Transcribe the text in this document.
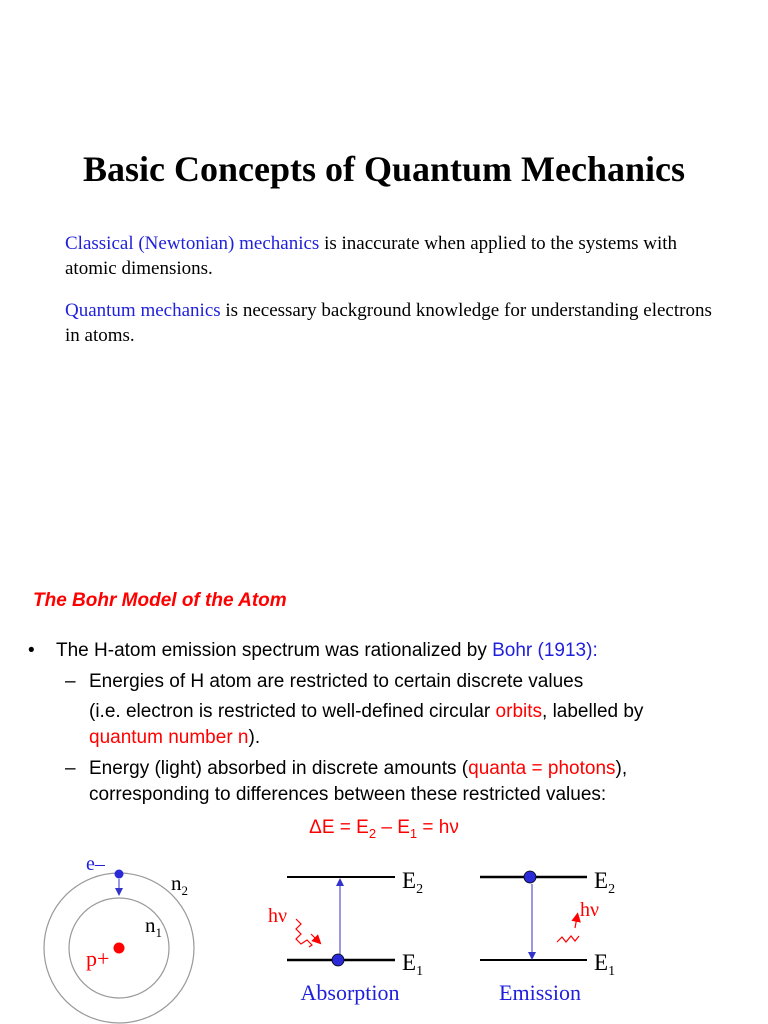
Basic Concepts of Quantum Mechanics

Classical (Newtonian) mechanics is inaccurate when applied to the systems with atomic dimensions.

Quantum mechanics is necessary background knowledge for understanding electrons in atoms.

The Bohr Model of the Atom
• The H-atom emission spectrum was rationalized by Bohr (1913):
– Energies of H atom are restricted to certain discrete values
(i.e. electron is restricted to well-defined circular orbits, labelled by
quantum number n).
– Energy (light) absorbed in discrete amounts (quanta = photons),
corresponding to differences between these restricted values:
$\Delta E = E_2 - E_1 = h\nu$
e–
p+
$n_2$
$n_1$
hν
$E_2$
$E_1$
Absorption
hν
$E_2$
$E_1$
Emission
